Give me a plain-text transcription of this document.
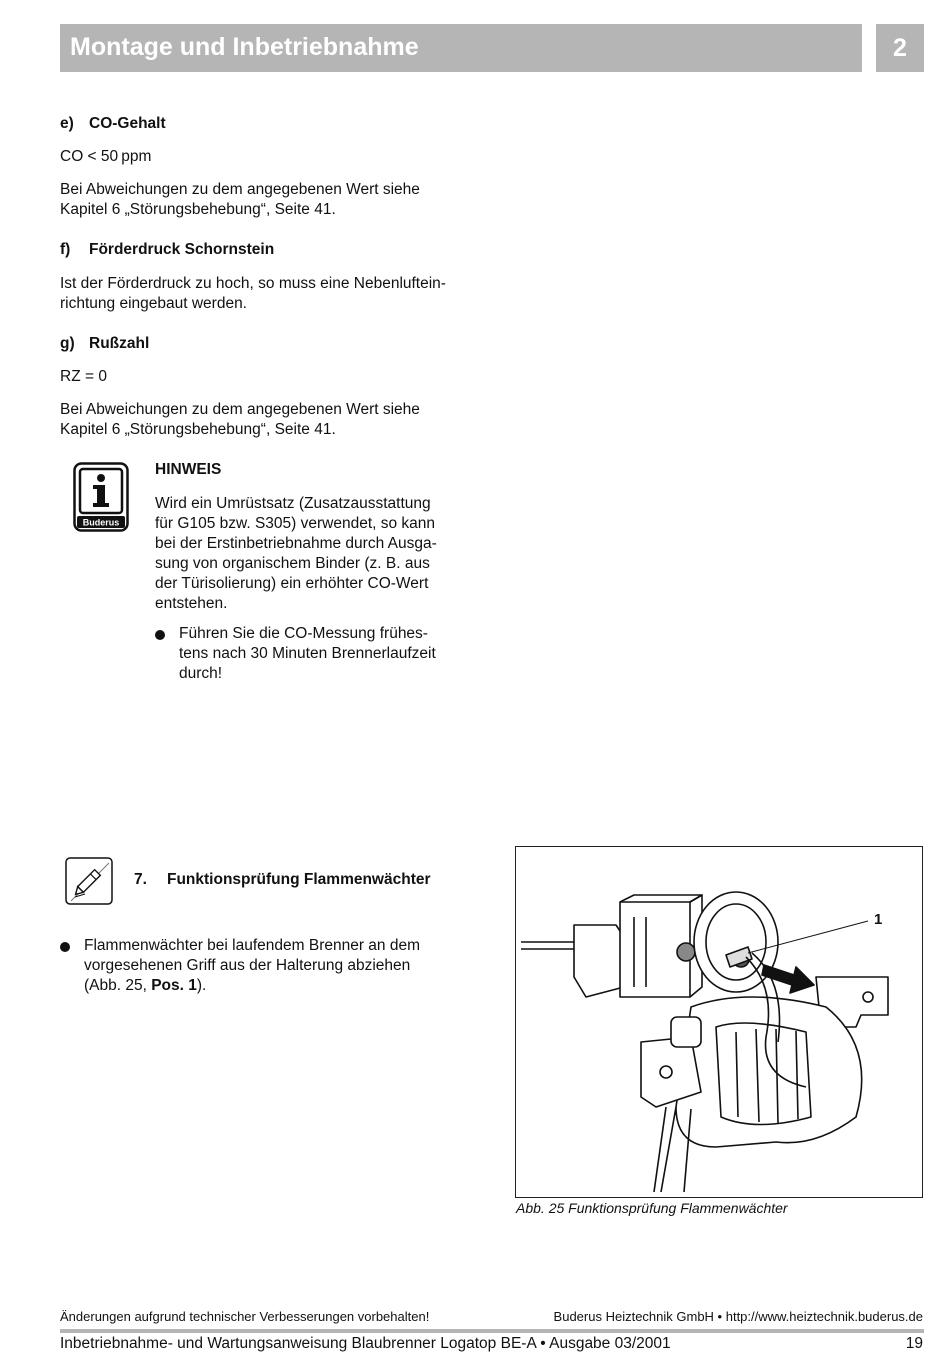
Montage und Inbetriebnahme	2
e) CO-Gehalt
CO < 50 ppm
Bei Abweichungen zu dem angegebenen Wert siehe
Kapitel 6 „Störungsbehebung“, Seite 41.
f) Förderdruck Schornstein
Ist der Förderdruck zu hoch, so muss eine Nebenluftein-
richtung eingebaut werden.
g) Rußzahl
RZ = 0
Bei Abweichungen zu dem angegebenen Wert siehe
Kapitel 6 „Störungsbehebung“, Seite 41.
Buderus
HINWEIS
Wird ein Umrüstsatz (Zusatzausstattung
für G105 bzw. S305) verwendet, so kann
bei der Erstinbetriebnahme durch Ausga-
sung von organischem Binder (z. B. aus
der Türisolierung) ein erhöhter CO-Wert
entstehen.
Führen Sie die CO-Messung frühes-
tens nach 30 Minuten Brennerlaufzeit
durch!
7. Funktionsprüfung Flammenwächter
Flammenwächter bei laufendem Brenner an dem
vorgesehenen Griff aus der Halterung abziehen
(Abb. 25, Pos. 1).
1
Abb. 25 Funktionsprüfung Flammenwächter
Änderungen aufgrund technischer Verbesserungen vorbehalten!	Buderus Heiztechnik GmbH • http://www.heiztechnik.buderus.de
Inbetriebnahme- und Wartungsanweisung Blaubrenner Logatop BE-A • Ausgabe 03/2001	19
